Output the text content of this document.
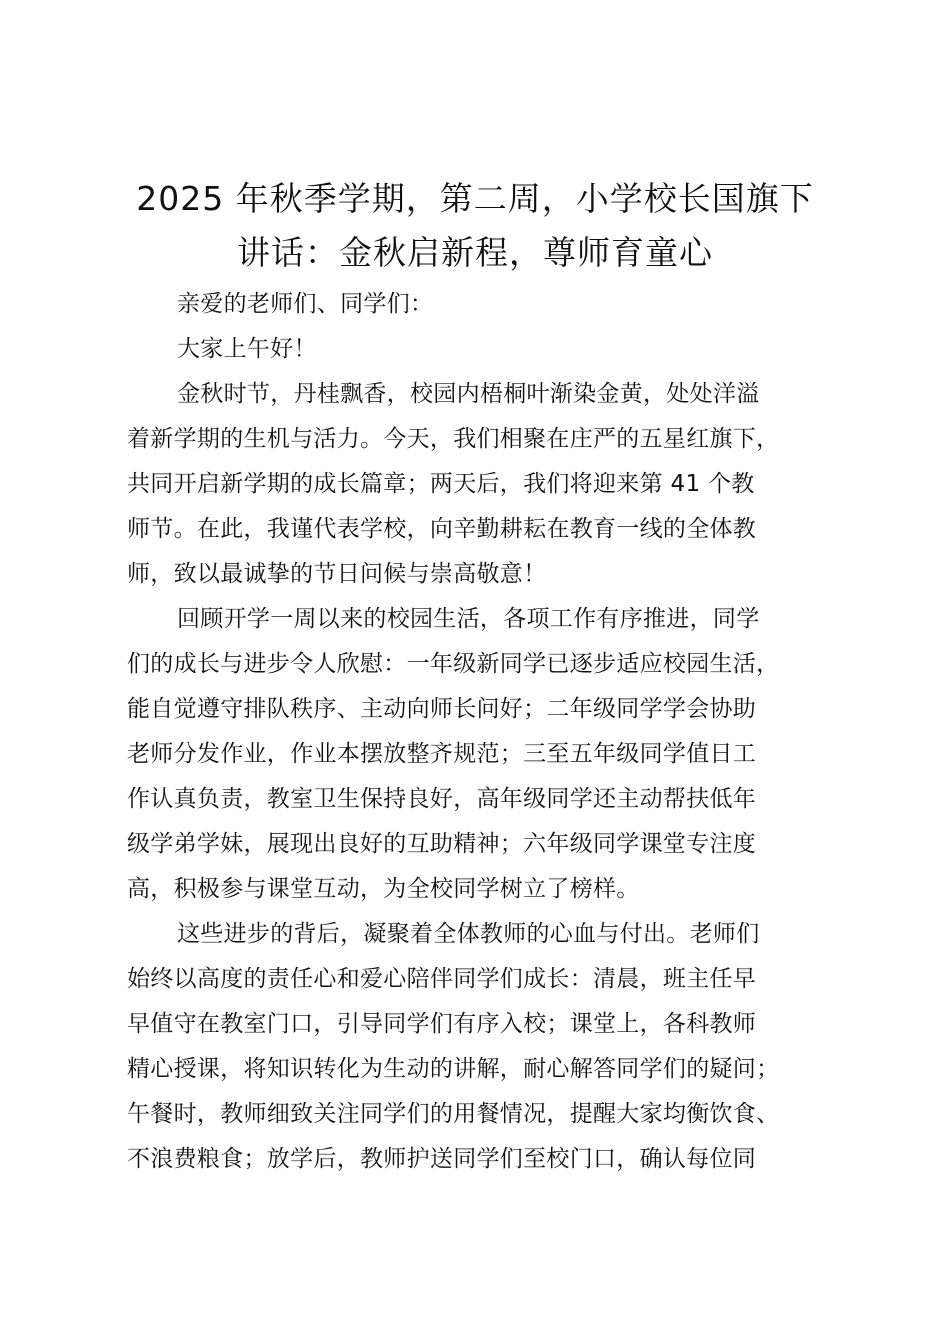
2025 年秋季学期，第二周，小学校长国旗下
讲话：金秋启新程，尊师育童心
亲爱的老师们、同学们：
大家上午好！
金秋时节，丹桂飘香，校园内梧桐叶渐染金黄，处处洋溢
着新学期的生机与活力。今天，我们相聚在庄严的五星红旗下，
共同开启新学期的成长篇章；两天后，我们将迎来第 41 个教
师节。在此，我谨代表学校，向辛勤耕耘在教育一线的全体教
师，致以最诚挚的节日问候与崇高敬意！
回顾开学一周以来的校园生活，各项工作有序推进，同学
们的成长与进步令人欣慰：一年级新同学已逐步适应校园生活，
能自觉遵守排队秩序、主动向师长问好；二年级同学学会协助
老师分发作业，作业本摆放整齐规范；三至五年级同学值日工
作认真负责，教室卫生保持良好，高年级同学还主动帮扶低年
级学弟学妹，展现出良好的互助精神；六年级同学课堂专注度
高，积极参与课堂互动，为全校同学树立了榜样。
这些进步的背后，凝聚着全体教师的心血与付出。老师们
始终以高度的责任心和爱心陪伴同学们成长：清晨，班主任早
早值守在教室门口，引导同学们有序入校；课堂上，各科教师
精心授课，将知识转化为生动的讲解，耐心解答同学们的疑问；
午餐时，教师细致关注同学们的用餐情况，提醒大家均衡饮食、
不浪费粮食；放学后，教师护送同学们至校门口，确认每位同
